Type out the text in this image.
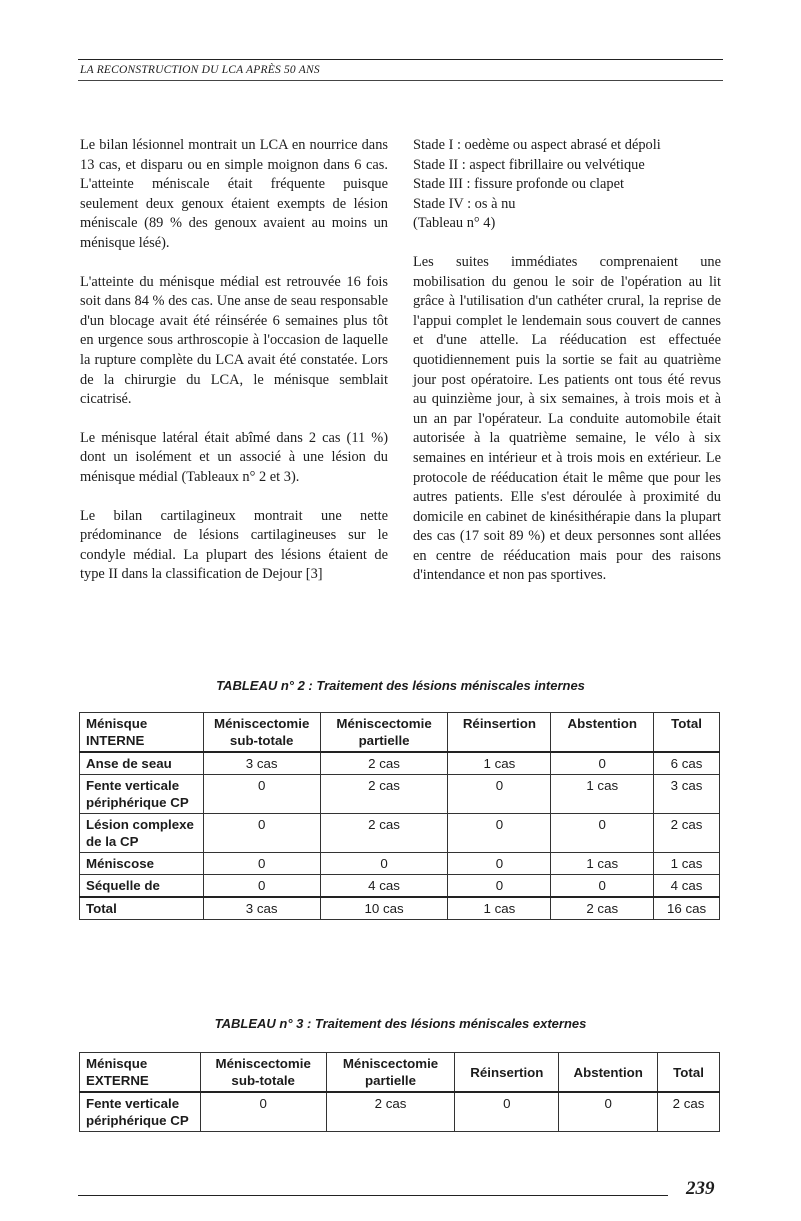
LA RECONSTRUCTION DU LCA APRÈS 50 ANS

Le bilan lésionnel montrait un LCA en nourrice dans 13 cas, et disparu ou en simple moignon dans 6 cas. L'atteinte méniscale était fréquente puisque seulement deux genoux étaient exempts de lésion méniscale (89 % des genoux avaient au moins un ménisque lésé).

L'atteinte du ménisque médial est retrouvée 16 fois soit dans 84 % des cas. Une anse de seau responsable d'un blocage avait été réinsérée 6 semaines plus tôt en urgence sous arthroscopie à l'occasion de laquelle la rupture complète du LCA avait été constatée. Lors de la chirurgie du LCA, le ménisque semblait cicatrisé.

Le ménisque latéral était abîmé dans 2 cas (11 %) dont un isolément et un associé à une lésion du ménisque médial (Tableaux n° 2 et 3).

Le bilan cartilagineux montrait une nette prédominance de lésions cartilagineuses sur le condyle médial. La plupart des lésions étaient de type II dans la classification de Dejour [3]

Stade I : oedème ou aspect abrasé et dépoli

Stade II : aspect fibrillaire ou velvétique

Stade III : fissure profonde ou clapet

Stade IV : os à nu

(Tableau n° 4)

Les suites immédiates comprenaient une mobilisation du genou le soir de l'opération au lit grâce à l'utilisation d'un cathéter crural, la reprise de l'appui complet le lendemain sous couvert de cannes et d'une attelle. La rééducation est effectuée quotidiennement puis la sortie se fait au quatrième jour post opératoire. Les patients ont tous été revus au quinzième jour, à six semaines, à trois mois et à un an par l'opérateur. La conduite automobile était autorisée à la quatrième semaine, le vélo à six semaines en intérieur et à trois mois en extérieur. Le protocole de rééducation était le même que pour les autres patients. Elle s'est déroulée à proximité du domicile en cabinet de kinésithérapie dans la plupart des cas (17 soit 89 %) et deux personnes sont allées en centre de rééducation mais pour des raisons d'intendance et non pas sportives.

TABLEAU n° 2 : Traitement des lésions méniscales internes
Ménisque INTERNE	Méniscectomie sub-totale	Méniscectomie partielle	Réinsertion	Abstention	Total
Anse de seau	3 cas	2 cas	1 cas	0	6 cas
Fente verticale périphérique CP	0	2 cas	0	1 cas	3 cas
Lésion complexe de la CP	0	2 cas	0	0	2 cas
Méniscose	0	0	0	1 cas	1 cas
Séquelle de	0	4 cas	0	0	4 cas
Total	3 cas	10 cas	1 cas	2 cas	16 cas
TABLEAU n° 3 : Traitement des lésions méniscales externes
Ménisque EXTERNE	Méniscectomie sub-totale	Méniscectomie partielle	Réinsertion	Abstention	Total
Fente verticale périphérique CP	0	2 cas	0	0	2 cas
239
